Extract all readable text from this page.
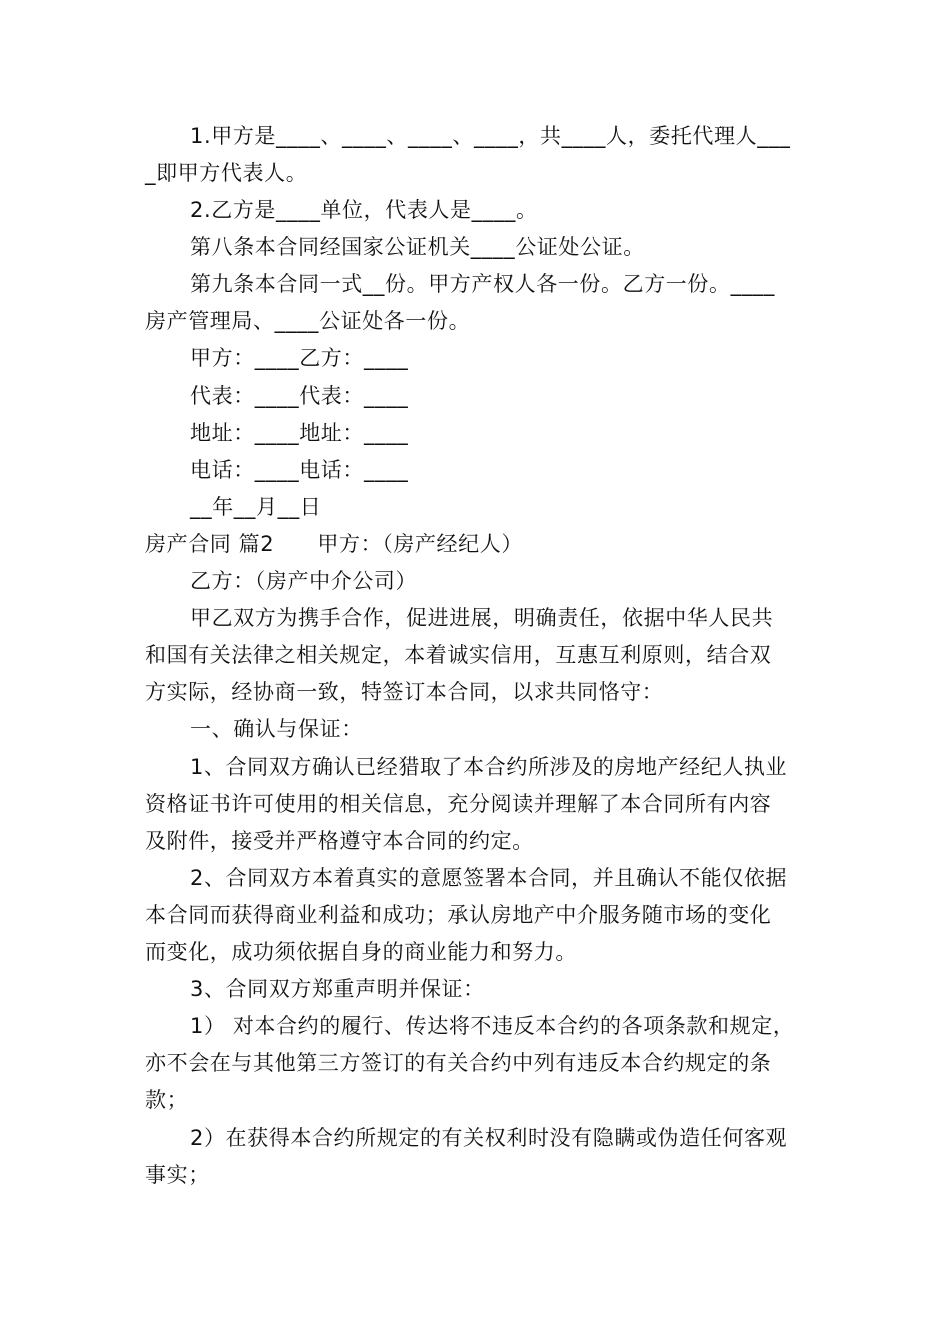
1.甲方是____、____、____、____，共____人，委托代理人___
_即甲方代表人。
2.乙方是____单位，代表人是____。
第八条本合同经国家公证机关____公证处公证。
第九条本合同一式__份。甲方产权人各一份。乙方一份。____
房产管理局、____公证处各一份。
甲方：____乙方：____
代表：____代表：____
地址：____地址：____
电话：____电话：____
__年__月__日
房产合同 篇2　　甲方：（房产经纪人）
乙方：（房产中介公司）
甲乙双方为携手合作，促进进展，明确责任，依据中华人民共
和国有关法律之相关规定，本着诚实信用，互惠互利原则，结合双
方实际，经协商一致，特签订本合同，以求共同恪守：
一、确认与保证：
1、合同双方确认已经猎取了本合约所涉及的房地产经纪人执业
资格证书许可使用的相关信息，充分阅读并理解了本合同所有内容
及附件，接受并严格遵守本合同的约定。
2、合同双方本着真实的意愿签署本合同，并且确认不能仅依据
本合同而获得商业利益和成功；承认房地产中介服务随市场的变化
而变化，成功须依据自身的商业能力和努力。
3、合同双方郑重声明并保证：
1） 对本合约的履行、传达将不违反本合约的各项条款和规定，
亦不会在与其他第三方签订的有关合约中列有违反本合约规定的条
款；
2）在获得本合约所规定的有关权利时没有隐瞒或伪造任何客观
事实；
